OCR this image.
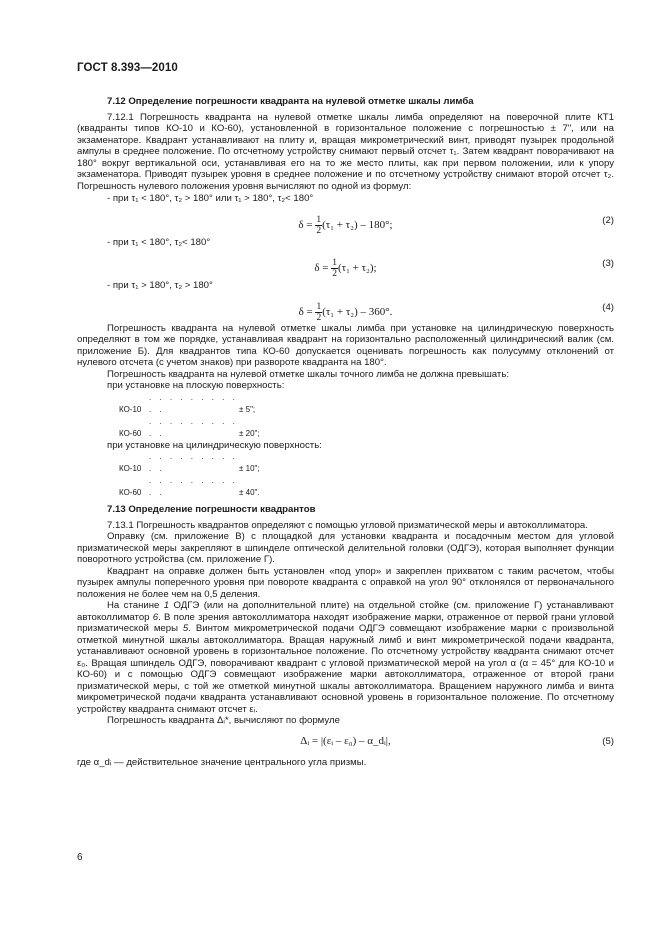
ГОСТ 8.393—2010
7.12 Определение погрешности квадранта на нулевой отметке шкалы лимба

7.12.1 Погрешность квадранта на нулевой отметке шкалы лимба определяют на поверочной плите КТ1 (квадранты типов КО-10 и КО-60), установленной в горизонтальное положение с погрешностью ± 7", или на экзаменаторе. Квадрант устанавливают на плиту и, вращая микрометрический винт, приводят пузырек продольной ампулы в среднее положение. По отсчетному устройству снимают первый отсчет τ₁. Затем квадрант поворачивают на 180° вокруг вертикальной оси, устанавливая его на то же место плиты, как при первом положении, или к упору экзаменатора. Приводят пузырек уровня в среднее положение и по отсчетному устройству снимают второй отсчет τ₂. Погрешность нулевого положения уровня вычисляют по одной из формул:

- при τ₁ < 180°, τ₂ > 180° или τ₁ > 180°, τ₂< 180°
$\delta = \frac{1}{2} (\tau_1 + \tau_2) - 180^\circ$;	(2)
- при τ₁ < 180°, τ₂< 180°
$\delta = \frac{1}{2} (\tau_1 + \tau_2)$;	(3)
- при τ₁ > 180°, τ₂ > 180°
$\delta = \frac{1}{2} (\tau_1 + \tau_2) - 360^\circ$.	(4)

Погрешность квадранта на нулевой отметке шкалы лимба при установке на цилиндрическую поверхность определяют в том же порядке, устанавливая квадрант на горизонтально расположенный цилиндрический валик (см. приложение Б). Для квадрантов типа КО-60 допускается оценивать погрешность как полусумму отклонений от нулевого отсчета (с учетом знаков) при развороте квадранта на 180°.

Погрешность квадранта на нулевой отметке шкалы точного лимба не должна превышать:

при установке на плоскую поверхность:

КО-10. . . . . . . . . . .	± 5";

КО-60. . . . . . . . . . .	± 20";

при установке на цилиндрическую поверхность:

КО-10. . . . . . . . . . .	± 10";

КО-60. . . . . . . . . . .	± 40".

7.13 Определение погрешности квадрантов

7.13.1 Погрешность квадрантов определяют с помощью угловой призматической меры и автоколлиматора.

Оправку (см. приложение В) с площадкой для установки квадранта и посадочным местом для угловой призматической меры закрепляют в шпинделе оптической делительной головки (ОДГЭ), которая выполняет функции поворотного устройства (см. приложение Г).

Квадрант на оправке должен быть установлен «под упор» и закреплен прихватом с таким расчетом, чтобы пузырек ампулы поперечного уровня при повороте квадранта с оправкой на угол 90° отклонялся от первоначального положения не более чем на 0,5 деления.

На станине 1 ОДГЭ (или на дополнительной плите) на отдельной стойке (см. приложение Г) устанавливают автоколлиматор 6. В поле зрения автоколлиматора находят изображение марки, отраженное от первой грани угловой призматической меры 5. Винтом микрометрической подачи ОДГЭ совмещают изображение марки с произвольной отметкой минутной шкалы автоколлиматора. Вращая наружный лимб и винт микрометрической подачи квадранта, устанавливают основной уровень в горизонтальное положение. По отсчетному устройству квадранта снимают отсчет ε₀. Вращая шпиндель ОДГЭ, поворачивают квадрант с угловой призматической мерой на угол α (α = 45° для КО-10 и КО-60) и с помощью ОДГЭ совмещают изображение марки автоколлиматора, отраженное от второй грани призматической меры, с той же отметкой минутной шкалы автоколлиматора. Вращением наружного лимба и винта микрометрической подачи квадранта устанавливают основной уровень в горизонтальное положение. По отсчетному устройству квадранта снимают отсчет εᵢ.

Погрешность квадранта Δᵢ*, вычисляют по формуле

Δᵢ = |(εᵢ – ε₀) – α_dᵢ|,	(5)

где α_dᵢ — действительное значение центрального угла призмы.

6
